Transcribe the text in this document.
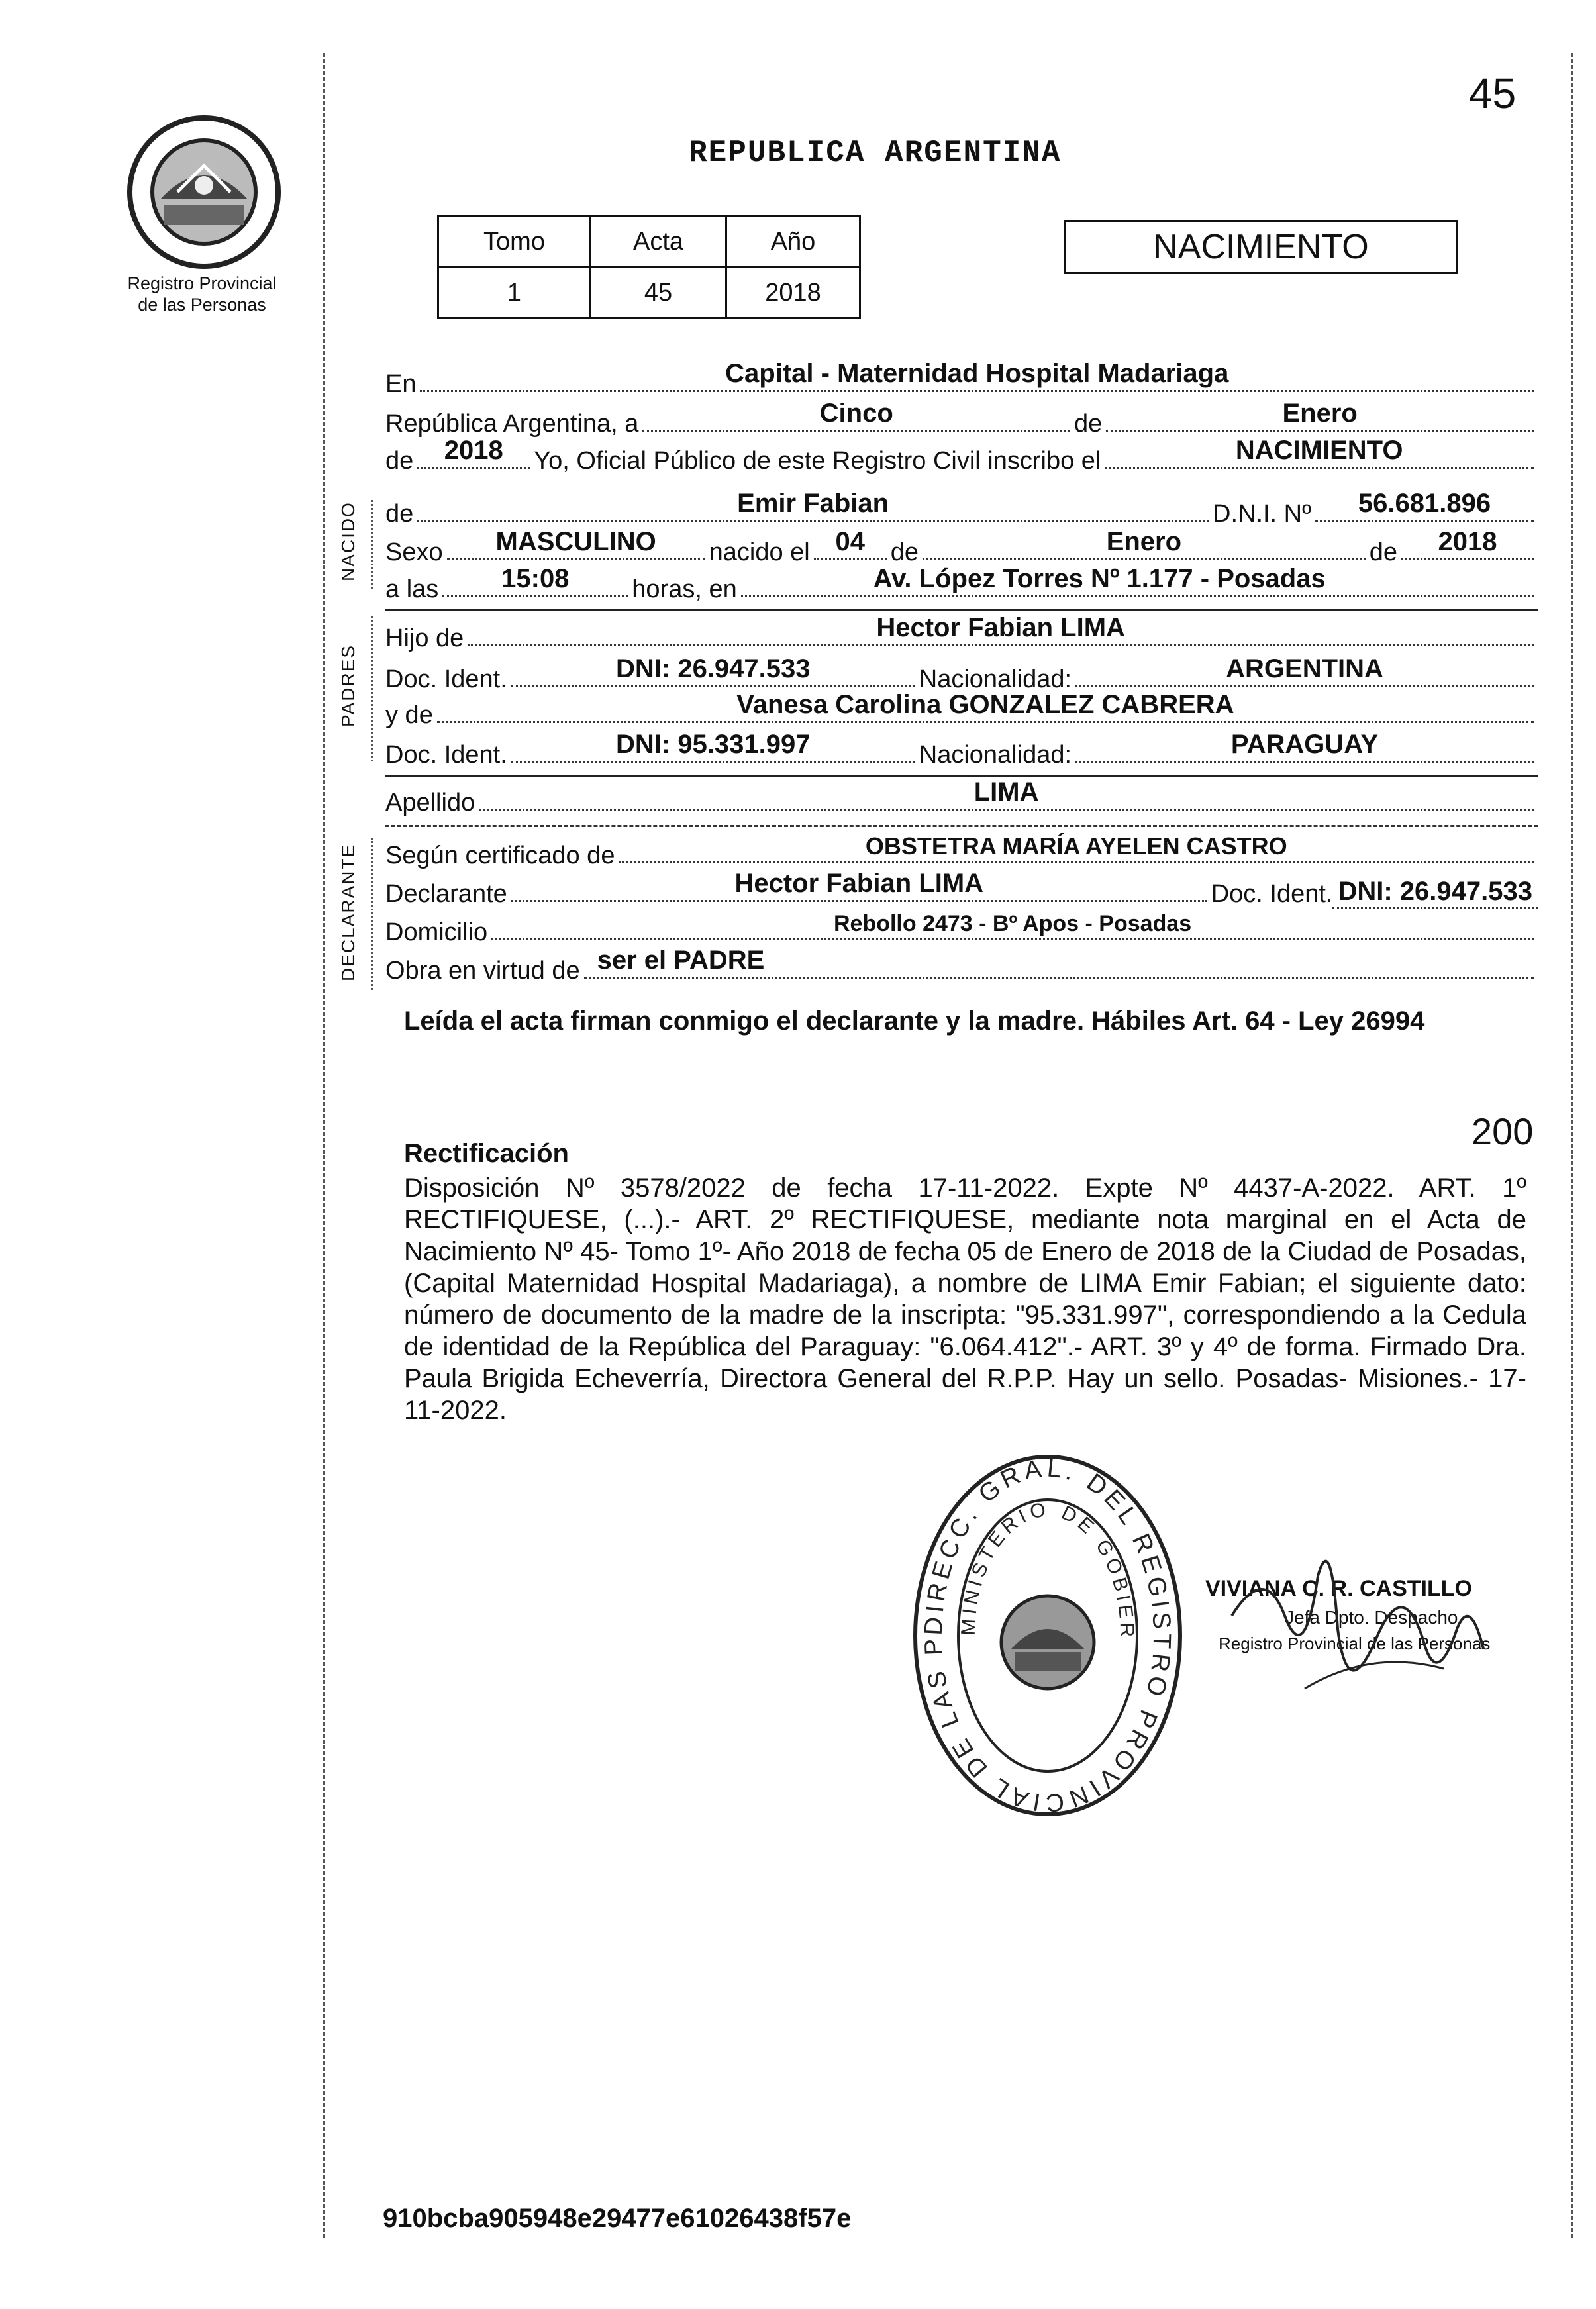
45
Registro Provincial
de las Personas
REPUBLICA ARGENTINA
Tomo	Acta	Año
1	45	2018
NACIMIENTO
NACIDO
PADRES
DECLARANTE
En	Capital - Maternidad Hospital Madariaga
República Argentina, a	Cinco	de	Enero
de	2018	Yo, Oficial Público de este Registro Civil inscribo el	NACIMIENTO
de	Emir Fabian	D.N.I. Nº	56.681.896
Sexo	MASCULINO	nacido el 04	de	Enero	de	2018
a las	15:08	horas, en	Av. López Torres Nº 1.177 - Posadas
Hijo de	Hector Fabian LIMA
Doc. Ident.	DNI: 26.947.533	Nacionalidad:	ARGENTINA
y de	Vanesa Carolina GONZALEZ CABRERA
Doc. Ident.	DNI: 95.331.997	Nacionalidad:	PARAGUAY
Apellido	LIMA
Según certificado de	OBSTETRA MARÍA AYELEN CASTRO
Declarante	Hector Fabian LIMA	Doc. Ident. DNI: 26.947.533
Domicilio	Rebollo 2473 - Bº Apos - Posadas
Obra en virtud de ser el PADRE
Leída el acta firman conmigo el declarante y la madre. Hábiles Art. 64 - Ley 26994
200
Rectificación
Disposición Nº 3578/2022 de fecha 17-11-2022. Expte Nº 4437-A-2022. ART. 1º RECTIFIQUESE, (...).- ART. 2º RECTIFIQUESE, mediante nota marginal en el Acta de Nacimiento Nº 45- Tomo 1º- Año 2018 de fecha 05 de Enero de 2018 de la Ciudad de Posadas, (Capital Maternidad Hospital Madariaga), a nombre de LIMA Emir Fabian; el siguiente dato: número de documento de la madre de la inscripta: "95.331.997", correspondiendo a la Cedula de identidad de la República del Paraguay: "6.064.412".- ART. 3º y 4º de forma. Firmado Dra. Paula Brigida Echeverría, Directora General del R.P.P. Hay un sello. Posadas- Misiones.- 17-11-2022.
DIRECC. GRAL. DEL REGISTRO PROVINCIAL DE LAS P
MINISTERIO DE GOBIER
VIVIANA C. R. CASTILLO
Jefa Dpto. Despacho
Registro Provincial de las Personas
910bcba905948e29477e61026438f57e
